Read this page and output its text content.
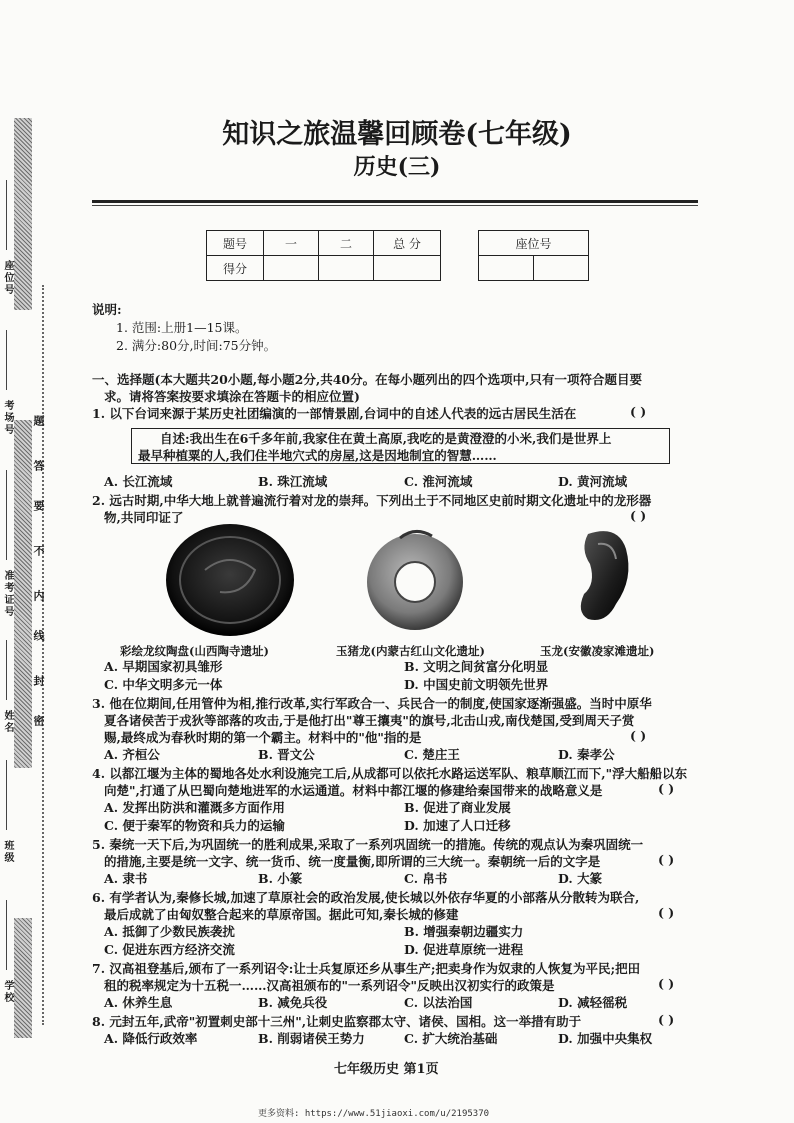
座位号
考场号
准考证号
姓名
班级
学校
题
答
要
不
内
线
封
密
知识之旅温馨回顾卷(七年级)
历史(三)
题号	一	二	总 分
得分			
座位号

说明:
1. 范围:上册1—15课。
2. 满分:80分,时间:75分钟。
一、选择题(本大题共20小题,每小题2分,共40分。在每小题列出的四个选项中,只有一项符合题目要
求。请将答案按要求填涂在答题卡的相应位置)
1. 以下台词来源于某历史社团编演的一部情景剧,台词中的自述人代表的远古居民生活在	( )
自述:我出生在6千多年前,我家住在黄土高原,我吃的是黄澄澄的小米,我们是世界上
最早种植粟的人,我们住半地穴式的房屋,这是因地制宜的智慧……
A. 长江流域	B. 珠江流域	C. 淮河流域	D. 黄河流域
2. 远古时期,中华大地上就普遍流行着对龙的崇拜。下列出土于不同地区史前时期文化遗址中的龙形器
物,共同印证了	( )
彩绘龙纹陶盘(山西陶寺遗址)	玉猪龙(内蒙古红山文化遗址)	玉龙(安徽凌家滩遗址)
A. 早期国家初具雏形	B. 文明之间贫富分化明显
C. 中华文明多元一体	D. 中国史前文明领先世界
3. 他在位期间,任用管仲为相,推行改革,实行军政合一、兵民合一的制度,使国家逐渐强盛。当时中原华
夏各诸侯苦于戎狄等部落的攻击,于是他打出"尊王攘夷"的旗号,北击山戎,南伐楚国,受到周天子赏
赐,最终成为春秋时期的第一个霸主。材料中的"他"指的是	( )
A. 齐桓公	B. 晋文公	C. 楚庄王	D. 秦孝公
4. 以都江堰为主体的蜀地各处水利设施完工后,从成都可以依托水路运送军队、粮草顺江而下,"浮大船船以东
向楚",打通了从巴蜀向楚地进军的水运通道。材料中都江堰的修建给秦国带来的战略意义是	( )
A. 发挥出防洪和灌溉多方面作用	B. 促进了商业发展
C. 便于秦军的物资和兵力的运输	D. 加速了人口迁移
5. 秦统一天下后,为巩固统一的胜利成果,采取了一系列巩固统一的措施。传统的观点认为秦巩固统一
的措施,主要是统一文字、统一货币、统一度量衡,即所谓的三大统一。秦朝统一后的文字是	( )
A. 隶书	B. 小篆	C. 帛书	D. 大篆
6. 有学者认为,秦修长城,加速了草原社会的政治发展,使长城以外依存华夏的小部落从分散转为联合,
最后成就了由匈奴整合起来的草原帝国。据此可知,秦长城的修建	( )
A. 抵御了少数民族袭扰	B. 增强秦朝边疆实力
C. 促进东西方经济交流	D. 促进草原统一进程
7. 汉高祖登基后,颁布了一系列诏令:让士兵复原还乡从事生产;把卖身作为奴隶的人恢复为平民;把田
租的税率规定为十五税一……汉高祖颁布的"一系列诏令"反映出汉初实行的政策是	( )
A. 休养生息	B. 减免兵役	C. 以法治国	D. 减轻徭税
8. 元封五年,武帝"初置刺史部十三州",让刺史监察郡太守、诸侯、国相。这一举措有助于	( )
A. 降低行政效率	B. 削弱诸侯王势力	C. 扩大统治基础	D. 加强中央集权
七年级历史 第1页
更多资料: https://www.51jiaoxi.com/u/2195370
